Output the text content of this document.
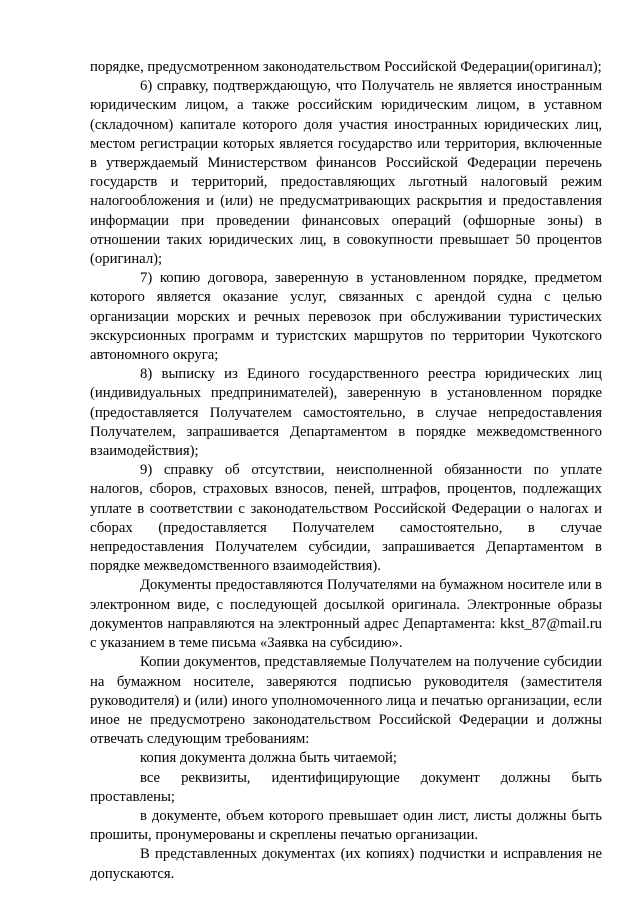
порядке, предусмотренном законодательством Российской Федерации(оригинал);

6) справку, подтверждающую, что Получатель не является иностранным юридическим лицом, а также российским юридическим лицом, в уставном (складочном) капитале которого доля участия иностранных юридических лиц, местом регистрации которых является государство или территория, включенные в утверждаемый Министерством финансов Российской Федерации перечень государств и территорий, предоставляющих льготный налоговый режим налогообложения и (или) не предусматривающих раскрытия и предоставления информации при проведении финансовых операций (офшорные зоны) в отношении таких юридических лиц, в совокупности превышает 50 процентов (оригинал);

7) копию договора, заверенную в установленном порядке, предметом которого является оказание услуг, связанных с арендой судна с целью организации морских и речных перевозок при обслуживании туристических экскурсионных программ и туристских маршрутов по территории Чукотского автономного округа;

8) выписку из Единого государственного реестра юридических лиц (индивидуальных предпринимателей), заверенную в установленном порядке (предоставляется Получателем самостоятельно, в случае непредоставления Получателем, запрашивается Департаментом в порядке межведомственного взаимодействия);

9) справку об отсутствии, неисполненной обязанности по уплате налогов, сборов, страховых взносов, пеней, штрафов, процентов, подлежащих уплате в соответствии с законодательством Российской Федерации о налогах и сборах (предоставляется Получателем самостоятельно, в случае непредоставления Получателем субсидии, запрашивается Департаментом в порядке межведомственного взаимодействия).

Документы предоставляются Получателями на бумажном носителе или в электронном виде, с последующей досылкой оригинала. Электронные образы документов направляются на электронный адрес Департамента: kkst_87@mail.ru с указанием в теме письма «Заявка на субсидию».

Копии документов, представляемые Получателем на получение субсидии на бумажном носителе, заверяются подписью руководителя (заместителя руководителя) и (или) иного уполномоченного лица и печатью организации, если иное не предусмотрено законодательством Российской Федерации и должны отвечать следующим требованиям:

копия документа должна быть читаемой;

все реквизиты, идентифицирующие документ должны быть проставлены;

в документе, объем которого превышает один лист, листы должны быть прошиты, пронумерованы и скреплены печатью организации.

В представленных документах (их копиях) подчистки и исправления не допускаются.
